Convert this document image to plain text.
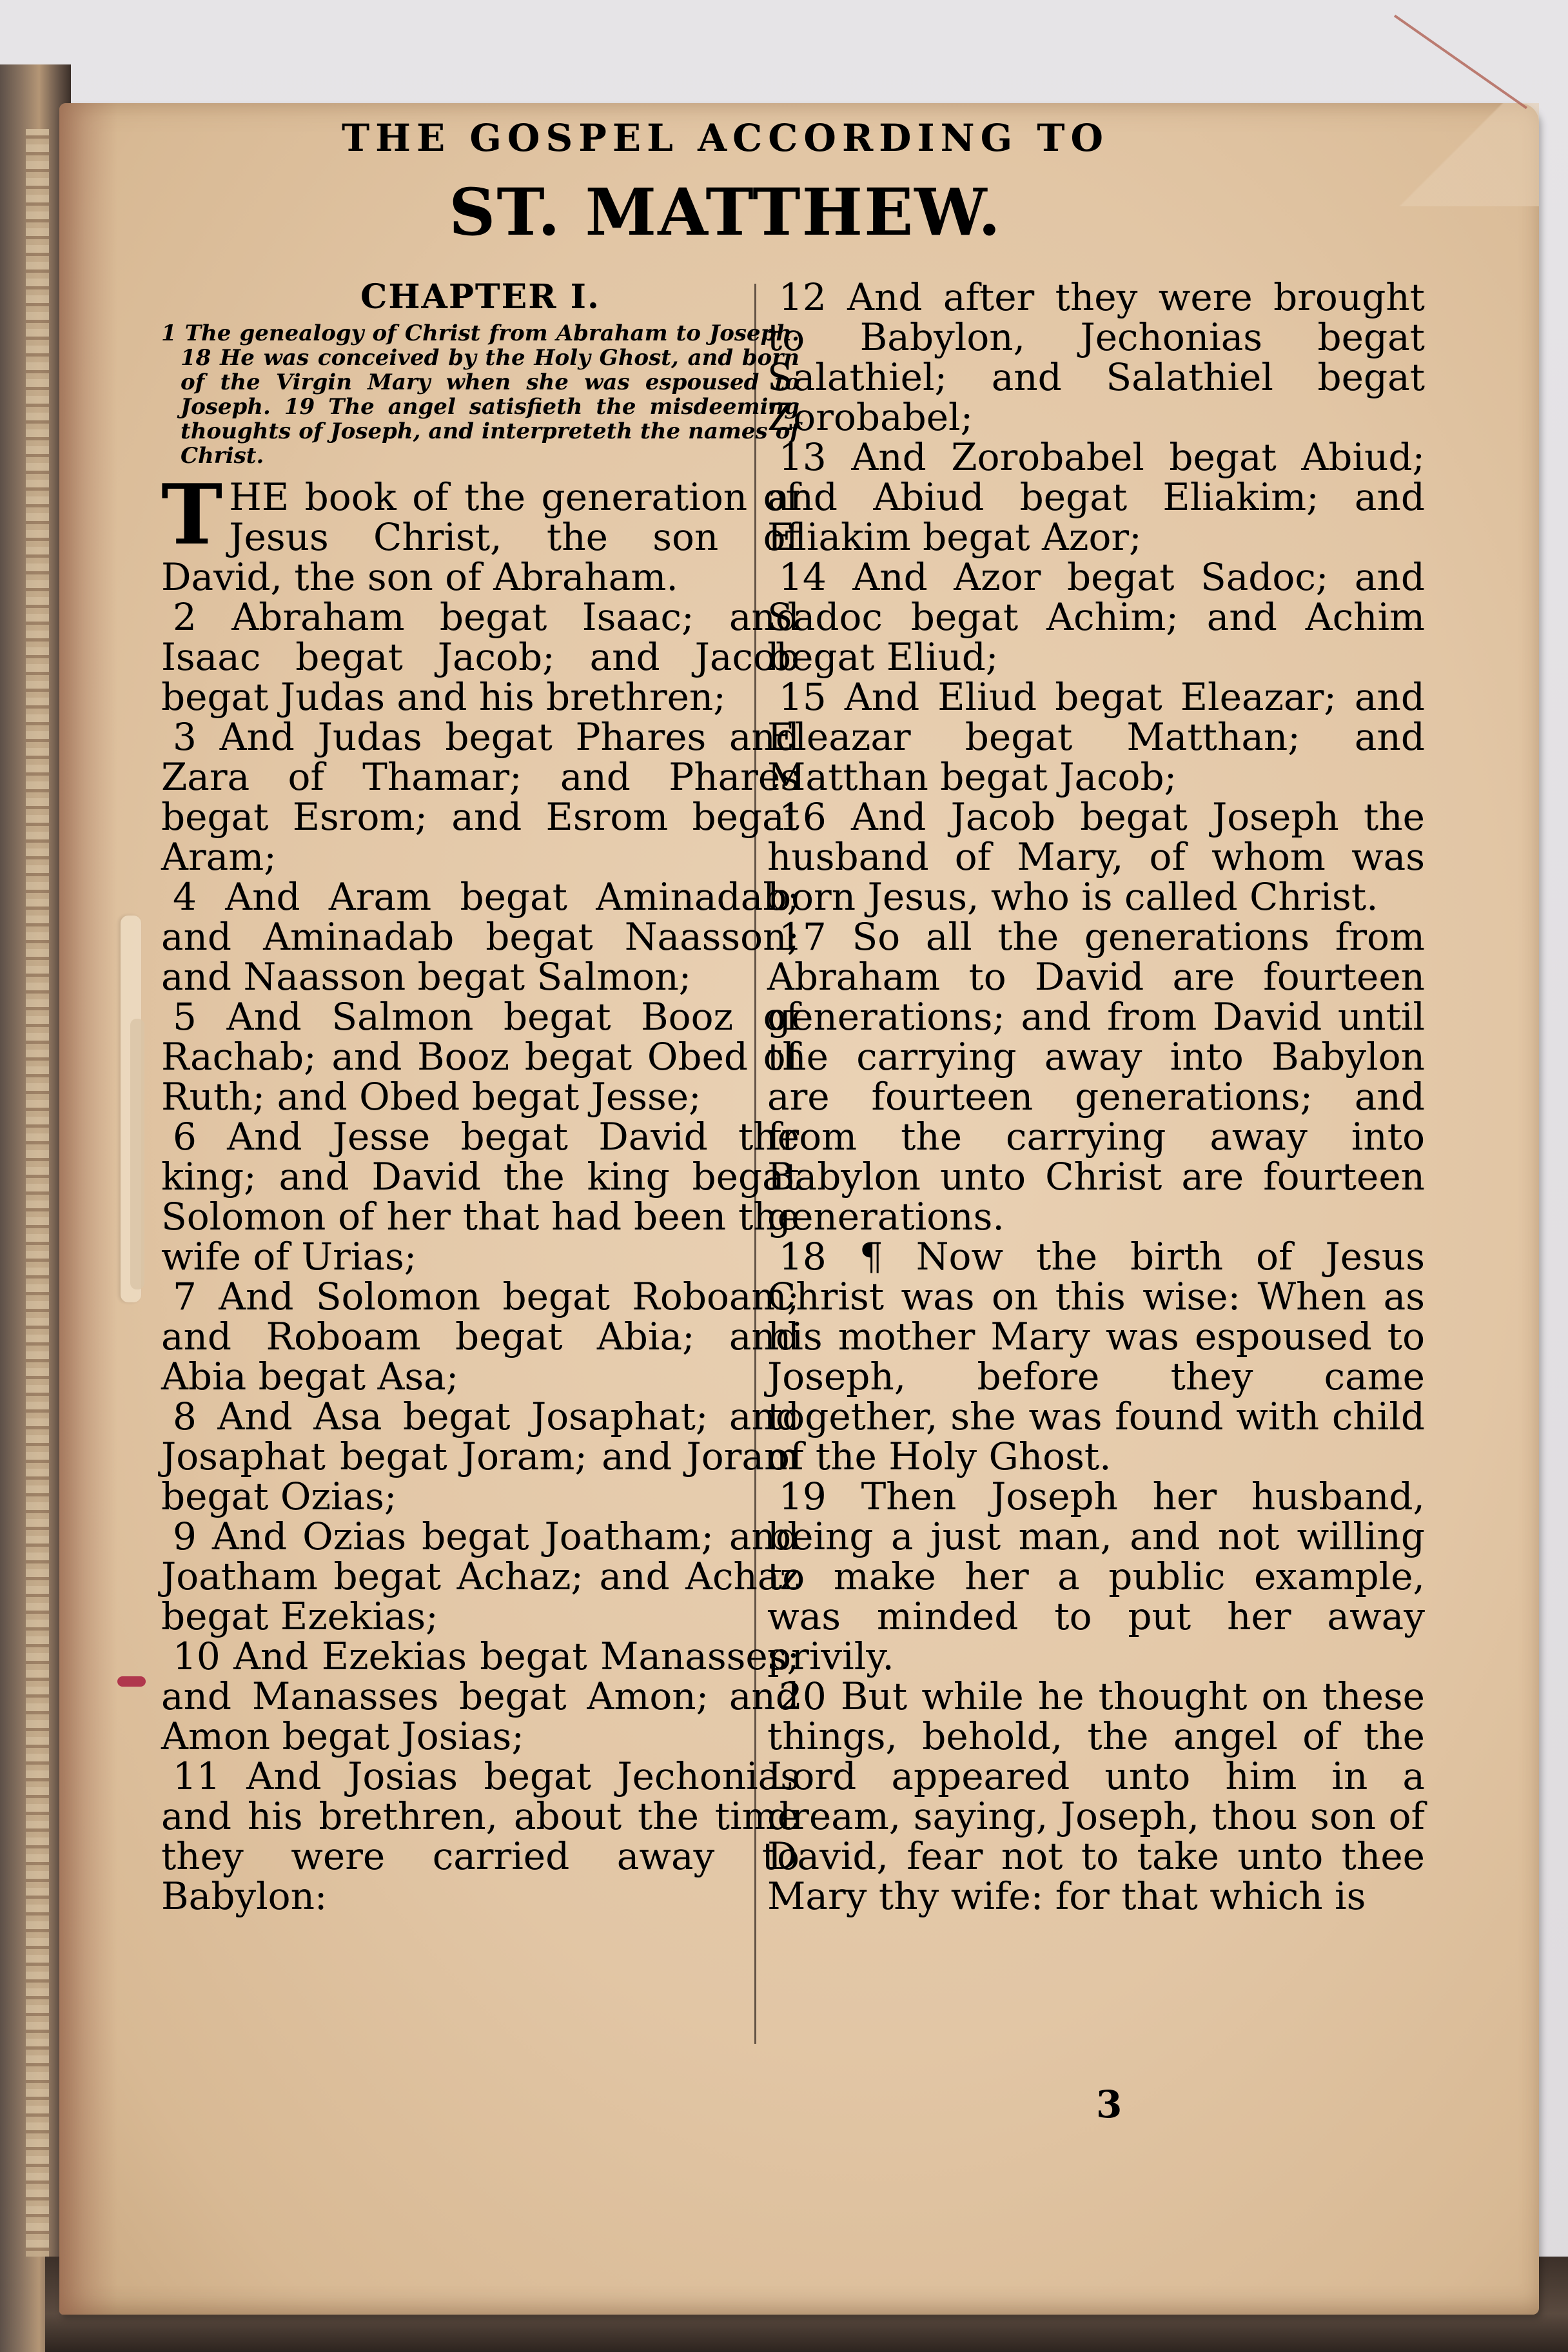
THE GOSPEL ACCORDING TO
ST. MATTHEW.
CHAPTER I.

1 The genealogy of Christ from Abraham to Joseph. 18 He was conceived by the Holy Ghost, and born of the Virgin Mary when she was espoused to Joseph. 19 The angel satisfieth the misdeeming thoughts of Joseph, and interpreteth the names of Christ.

THE book of the generation of Jesus Christ, the son of David, the son of Abraham.

2 Abraham begat Isaac; and Isaac begat Jacob; and Jacob begat Judas and his brethren;

3 And Judas begat Phares and Zara of Thamar; and Phares begat Esrom; and Esrom begat Aram;

4 And Aram begat Aminadab; and Aminadab begat Naasson; and Naasson begat Salmon;

5 And Salmon begat Booz of Rachab; and Booz begat Obed of Ruth; and Obed begat Jesse;

6 And Jesse begat David the king; and David the king begat Solomon of her that had been the wife of Urias;

7 And Solomon begat Roboam; and Roboam begat Abia; and Abia begat Asa;

8 And Asa begat Josaphat; and Josaphat begat Joram; and Joram begat Ozias;

9 And Ozias begat Joatham; and Joatham begat Achaz; and Achaz begat Ezekias;

10 And Ezekias begat Manasses; and Manasses begat Amon; and Amon begat Josias;

11 And Josias begat Jechonias and his brethren, about the time they were carried away to Babylon:

12 And after they were brought to Babylon, Jechonias begat Salathiel; and Salathiel begat Zorobabel;

13 And Zorobabel begat Abiud; and Abiud begat Eliakim; and Eliakim begat Azor;

14 And Azor begat Sadoc; and Sadoc begat Achim; and Achim begat Eliud;

15 And Eliud begat Eleazar; and Eleazar begat Matthan; and Matthan begat Jacob;

16 And Jacob begat Joseph the husband of Mary, of whom was born Jesus, who is called Christ.

17 So all the generations from Abraham to David are fourteen generations; and from David until the carrying away into Babylon are fourteen generations; and from the carrying away into Babylon unto Christ are fourteen generations.

18 ¶ Now the birth of Jesus Christ was on this wise: When as his mother Mary was espoused to Joseph, before they came together, she was found with child of the Holy Ghost.

19 Then Joseph her husband, being a just man, and not willing to make her a public example, was minded to put her away privily.

20 But while he thought on these things, behold, the angel of the Lord appeared unto him in a dream, saying, Joseph, thou son of David, fear not to take unto thee Mary thy wife: for that which is

3
